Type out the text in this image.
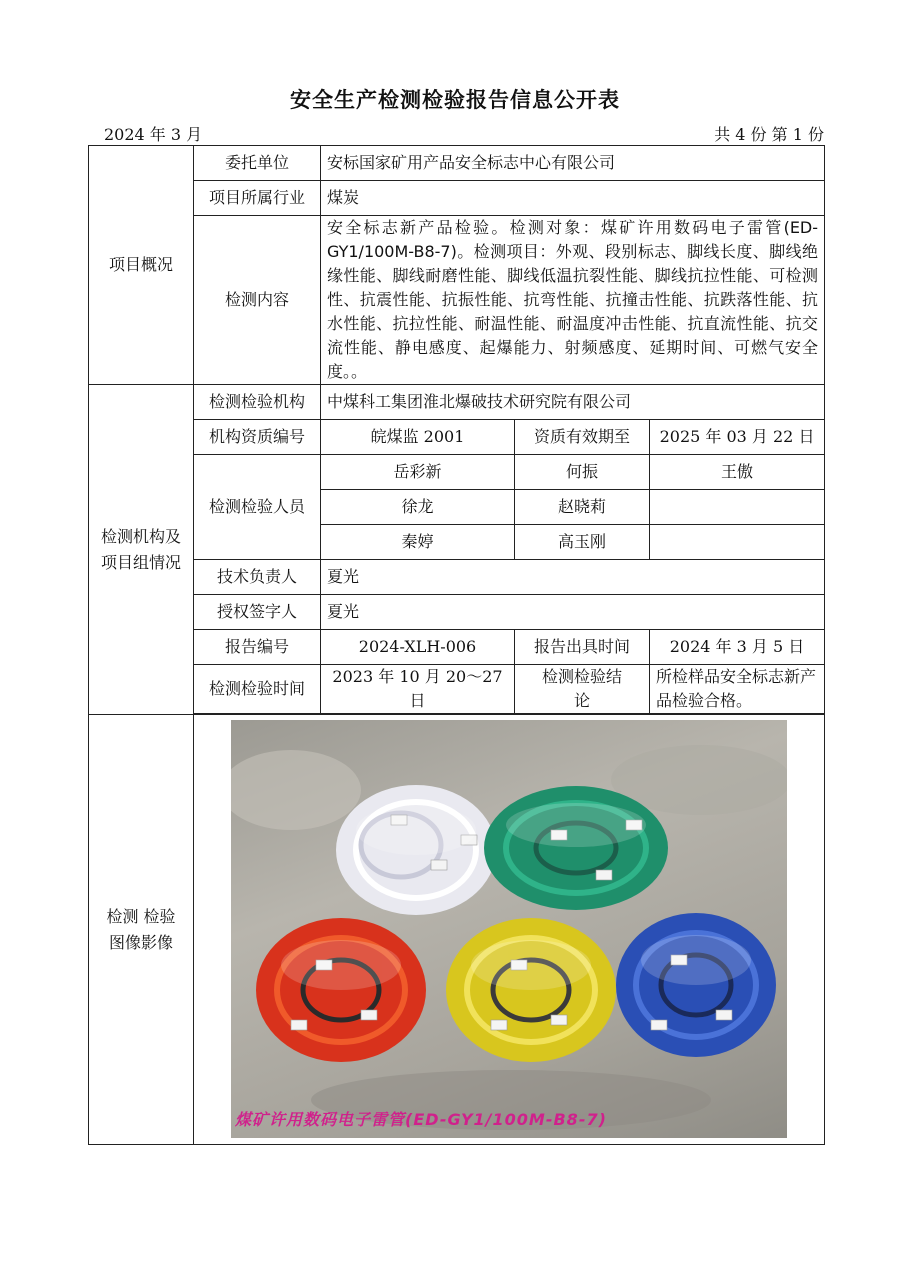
安全生产检测检验报告信息公开表
2024 年 3 月	共 4 份 第 1 份
项目概况	委托单位	安标国家矿用产品安全标志中心有限公司		
	项目所属行业	煤炭		
	检测内容	安全标志新产品检验。检测对象：煤矿许用数码电子雷管(ED-GY1/100M-B8-7)。检测项目：外观、段别标志、脚线长度、脚线绝缘性能、脚线耐磨性能、脚线低温抗裂性能、脚线抗拉性能、可检测性、抗震性能、抗振性能、抗弯性能、抗撞击性能、抗跌落性能、抗水性能、抗拉性能、耐温性能、耐温度冲击性能、抗直流性能、抗交流性能、静电感度、起爆能力、射频感度、延期时间、可燃气安全度。。		

检测机构及项目组情况	检测检验机构	中煤科工集团淮北爆破技术研究院有限公司		
	机构资质编号	皖煤监 2001	资质有效期至	2025 年 03 月 22 日
	检测检验人员	岳彩新	何振	王傲
		徐龙	赵晓莉	
		秦婷	高玉刚	
	技术负责人	夏光		
	授权签字人	夏光		
	报告编号	2024-XLH-006	报告出具时间	2024 年 3 月 5 日
	检测检验时间	2023 年 10 月 20～27 日	检测检验结论	所检样品安全标志新产品检验合格。

检测 检验图像影像	煤矿许用数码电子雷管(ED-GY1/100M-B8-7)			
